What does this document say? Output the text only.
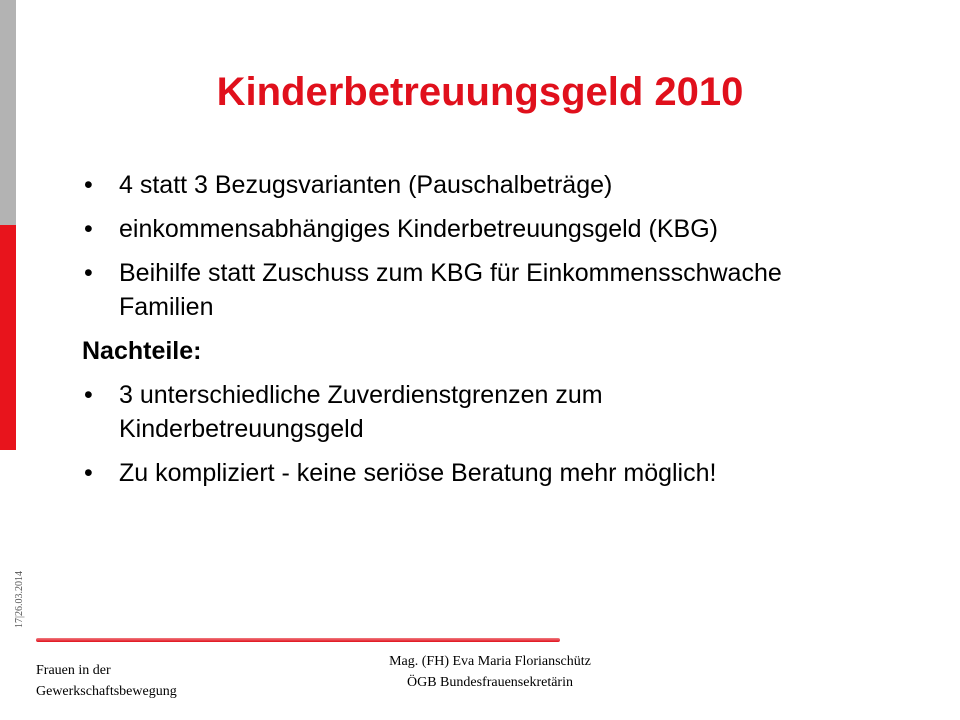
Kinderbetreuungsgeld 2010
• 4 statt 3 Bezugsvarianten (Pauschalbeträge)
• einkommensabhängiges Kinderbetreuungsgeld (KBG)
• Beihilfe statt Zuschuss zum KBG für Einkommensschwache Familien
Nachteile:
• 3 unterschiedliche Zuverdienstgrenzen zum Kinderbetreuungsgeld
• Zu kompliziert - keine seriöse Beratung mehr möglich!
17|26.03.2014
Frauen in der
Gewerkschaftsbewegung
Mag. (FH) Eva Maria Florianschütz
ÖGB Bundesfrauensekretärin
